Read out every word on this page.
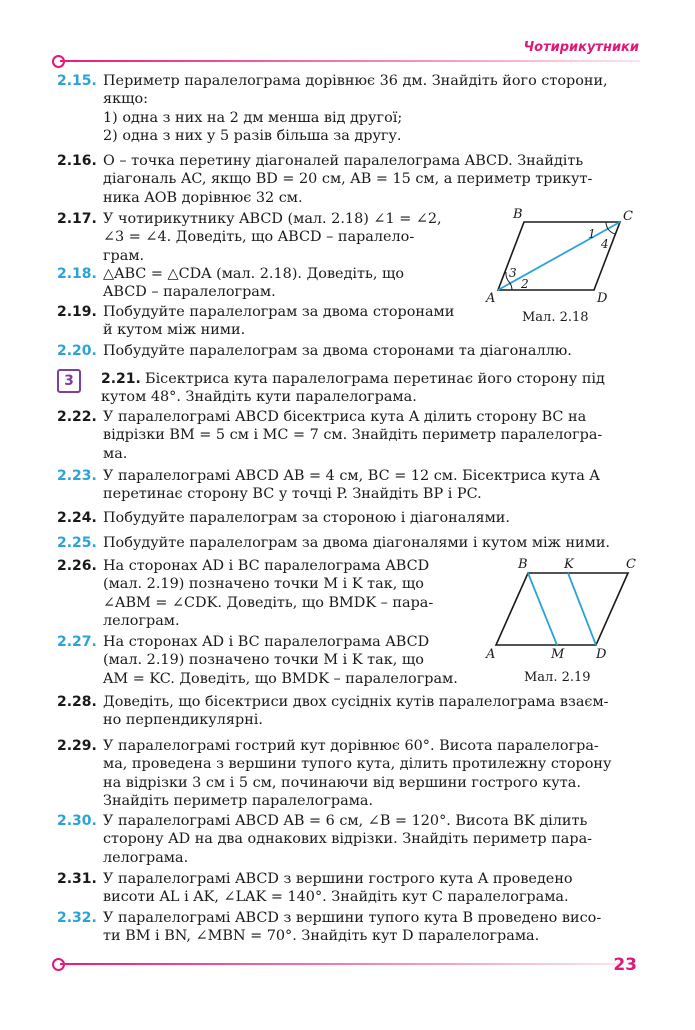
Чотирикутники
2.15. Периметр паралелограма дорівнює 36 дм. Знайдіть його сторони,
якщо:
1) одна з них на 2 дм менша від другої;
2) одна з них у 5 разів більша за другу.
2.16. O – точка перетину діагоналей паралелограма ABCD. Знайдіть
діагональ AC, якщо BD = 20 см, AB = 15 см, а периметр трикут-
ника AOB дорівнює 32 см.
2.17. У чотирикутнику ABCD (мал. 2.18) ∠1 = ∠2,
∠3 = ∠4. Доведіть, що ABCD – паралело-
грам.
2.18. △ABC = △CDA (мал. 2.18). Доведіть, що
ABCD – паралелограм.
2.19. Побудуйте паралелограм за двома сторонами
й кутом між ними.
2.20. Побудуйте паралелограм за двома сторонами та діагоналлю.
3	2.21. Бісектриса кута паралелограма перетинає його сторону під
кутом 48°. Знайдіть кути паралелограма.
2.22. У паралелограмі ABCD бісектриса кута A ділить сторону BC на
відрізки BM = 5 см і MC = 7 см. Знайдіть периметр паралелогра-
ма.
2.23. У паралелограмі ABCD AB = 4 см, BC = 12 см. Бісектриса кута A
перетинає сторону BC у точці P. Знайдіть BP і PC.
2.24. Побудуйте паралелограм за стороною і діагоналями.
2.25. Побудуйте паралелограм за двома діагоналями і кутом між ними.
2.26. На сторонах AD і BC паралелограма ABCD
(мал. 2.19) позначено точки M і K так, що
∠ABM = ∠CDK. Доведіть, що BMDK – пара-
лелограм.
2.27. На сторонах AD і BC паралелограма ABCD
(мал. 2.19) позначено точки M і K так, що
AM = KC. Доведіть, що BMDK – паралелограм.
2.28. Доведіть, що бісектриси двох сусідніх кутів паралелограма взаєм-
но перпендикулярні.
2.29. У паралелограмі гострий кут дорівнює 60°. Висота паралелогра-
ма, проведена з вершини тупого кута, ділить протилежну сторону
на відрізки 3 см і 5 см, починаючи від вершини гострого кута.
Знайдіть периметр паралелограма.
2.30. У паралелограмі ABCD AB = 6 см, ∠B = 120°. Висота BK ділить
сторону AD на два однакових відрізки. Знайдіть периметр пара-
лелограма.
2.31. У паралелограмі ABCD з вершини гострого кута A проведено
висоти AL і AK, ∠LAK = 140°. Знайдіть кут C паралелограма.
2.32. У паралелограмі ABCD з вершини тупого кута B проведено висо-
ти BM і BN, ∠MBN = 70°. Знайдіть кут D паралелограма.
A
B	C
D
1
2
3
4
Мал. 2.18
A
B	C
D
K
M
Мал. 2.19
23
